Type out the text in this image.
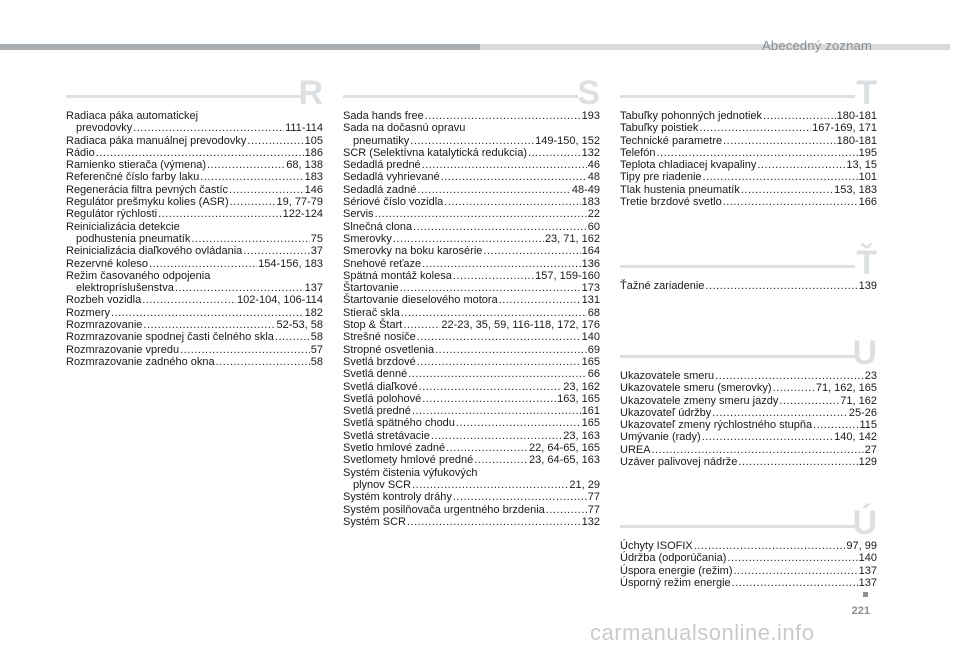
Abecedný zoznam
R

Radiaca páka automatickej

prevodovky .....	111-114

Radiaca páka manuálnej prevodovky .....	105

Rádio .....	186

Ramienko stierača (výmena) .....	68, 138

Referenčné číslo farby laku .....	183

Regenerácia filtra pevných častíc .....	146

Regulátor prešmyku kolies (ASR) .....	19, 77-79

Regulátor rýchlosti .....	122-124

Reinicializácia detekcie

podhustenia pneumatík .....	75

Reinicializácia diaľkového ovládania .....	37

Rezervné koleso .....	154-156, 183

Režim časovaného odpojenia

elektropríslušenstva .....	137

Rozbeh vozidla .....	102-104, 106-114

Rozmery .....	182

Rozmrazovanie .....	52-53, 58

Rozmrazovanie spodnej časti čelného skla .....	58

Rozmrazovanie vpredu .....	57

Rozmrazovanie zadného okna .....	58

S

Sada hands free .....	193

Sada na dočasnú opravu

pneumatiky .....	149-150, 152

SCR (Selektívna katalytická redukcia) .....	132

Sedadlá predné .....	46

Sedadlá vyhrievané .....	48

Sedadlá zadné .....	48-49

Sériové číslo vozidla .....	183

Servis .....	22

Slnečná clona .....	60

Smerovky .....	23, 71, 162

Smerovky na boku karosérie .....	164

Snehové reťaze .....	136

Spätná montáž kolesa .....	157, 159-160

Štartovanie .....	173

Štartovanie dieselového motora .....	131

Stierač skla .....	68

Stop & Štart .....	22-23, 35, 59, 116-118, 172, 176

Strešné nosiče .....	140

Stropné osvetlenia .....	69

Svetlá brzdové .....	165

Svetlá denné .....	66

Svetlá diaľkové .....	23, 162

Svetlá polohové .....	163, 165

Svetlá predné .....	161

Svetlá spätného chodu .....	165

Svetlá stretávacie .....	23, 163

Svetlo hmlové zadné .....	22, 64-65, 165

Svetlomety hmlové predné .....	23, 64-65, 163

Systém čistenia výfukových

plynov SCR .....	21, 29

Systém kontroly dráhy .....	77

Systém posilňovača urgentného brzdenia .....	77

Systém SCR .....	132

T

Tabuľky pohonných jednotiek .....	180-181

Tabuľky poistiek .....	167-169, 171

Technické parametre .....	180-181

Telefón .....	195

Teplota chladiacej kvapaliny .....	13, 15

Tipy pre riadenie .....	101

Tlak hustenia pneumatík .....	153, 183

Tretie brzdové svetlo .....	166

Ť

Ťažné zariadenie .....	139

U

Ukazovatele smeru .....	23

Ukazovatele smeru (smerovky) .....	71, 162, 165

Ukazovatele zmeny smeru jazdy .....	71, 162

Ukazovateľ údržby .....	25-26

Ukazovateľ zmeny rýchlostného stupňa .....	115

Umývanie (rady) .....	140, 142

UREA .....	27

Uzáver palivovej nádrže .....	129

Ú

Úchyty ISOFIX .....	97, 99

Údržba (odporúčania) .....	140

Úspora energie (režim) .....	137

Úsporný režim energie .....	137

221
carmanualsonline.info
